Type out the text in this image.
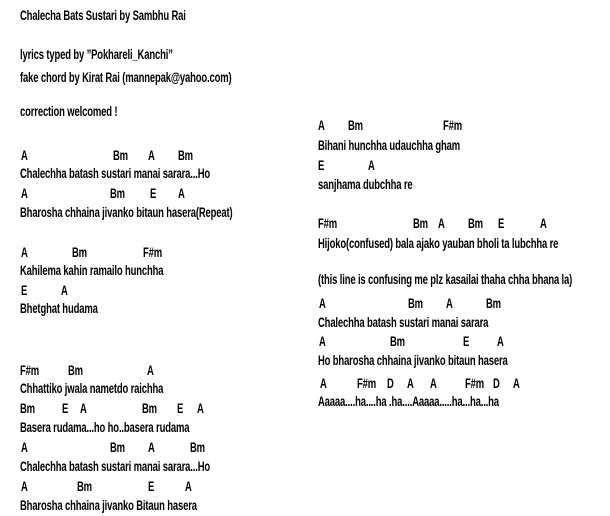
Chalecha Bats Sustari by Sambhu Rai
lyrics typed by ”Pokhareli_Kanchi”
fake chord by Kirat Rai (mannepak@yahoo.com)
correction welcomed !
A	Bm A Bm
Chalechha batash sustari manai sarara...Ho
A	Bm E A
Bharosha chhaina jivanko bitaun hasera(Repeat)
A	Bm	F#m
Kahilema kahin ramailo hunchha
E	A
Bhetghat hudama
F#m Bm	A
Chhattiko jwala nametdo raichha
Bm E A	Bm E A
Basera rudama...ho ho..basera rudama
A	Bm A	Bm
Chalechha batash sustari manai sarara...Ho
A	Bm	E A
Bharosha chhaina jivanko Bitaun hasera
A Bm	F#m
Bihani hunchha udauchha gham
E	A
sanjhama dubchha re
F#m	Bm A Bm E	A
Hijoko(confused) bala ajako yauban bholi ta lubchha re
(this line is confusing me plz kasailai thaha chha bhana la)
A	Bm A Bm
Chalechha batash sustari manai sarara
A	Bm	E A
Ho bharosha chhaina jivanko bitaun hasera
A F#m D A A F#m D A
Aaaaa....ha....ha .ha....Aaaaa.....ha...ha...ha
